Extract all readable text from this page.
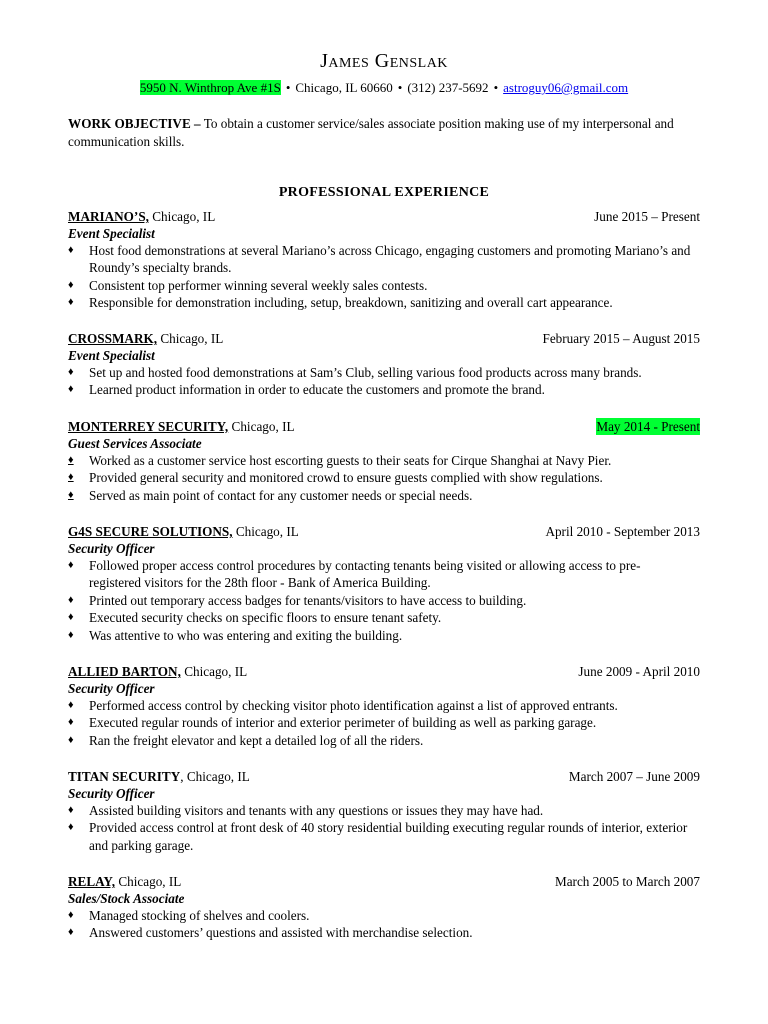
James Genslak
5950 N. Winthrop Ave #1S • Chicago, IL 60660 • (312) 237-5692 • astroguy06@gmail.com
WORK OBJECTIVE – To obtain a customer service/sales associate position making use of my interpersonal and communication skills.
PROFESSIONAL EXPERIENCE
MARIANO’S, Chicago, IL	June 2015 – Present
Event Specialist
♦ Host food demonstrations at several Mariano’s across Chicago, engaging customers and promoting Mariano’s and Roundy’s specialty brands.
♦ Consistent top performer winning several weekly sales contests.
♦ Responsible for demonstration including, setup, breakdown, sanitizing and overall cart appearance.
CROSSMARK, Chicago, IL	February 2015 – August 2015
Event Specialist
♦ Set up and hosted food demonstrations at Sam’s Club, selling various food products across many brands.
♦ Learned product information in order to educate the customers and promote the brand.
MONTERREY SECURITY, Chicago, IL	May 2014 - Present
Guest Services Associate
♦ Worked as a customer service host escorting guests to their seats for Cirque Shanghai at Navy Pier.
♦ Provided general security and monitored crowd to ensure guests complied with show regulations.
♦ Served as main point of contact for any customer needs or special needs.
G4S SECURE SOLUTIONS, Chicago, IL	April 2010 - September 2013
Security Officer
♦ Followed proper access control procedures by contacting tenants being visited or allowing access to pre-registered visitors for the 28th floor - Bank of America Building.
♦ Printed out temporary access badges for tenants/visitors to have access to building.
♦ Executed security checks on specific floors to ensure tenant safety.
♦ Was attentive to who was entering and exiting the building.
ALLIED BARTON, Chicago, IL	June 2009 - April 2010
Security Officer
♦ Performed access control by checking visitor photo identification against a list of approved entrants.
♦ Executed regular rounds of interior and exterior perimeter of building as well as parking garage.
♦ Ran the freight elevator and kept a detailed log of all the riders.
TITAN SECURITY, Chicago, IL	March 2007 – June 2009
Security Officer
♦ Assisted building visitors and tenants with any questions or issues they may have had.
♦ Provided access control at front desk of 40 story residential building executing regular rounds of interior, exterior and parking garage.
RELAY, Chicago, IL	March 2005 to March 2007
Sales/Stock Associate
♦ Managed stocking of shelves and coolers.
♦ Answered customers’ questions and assisted with merchandise selection.
